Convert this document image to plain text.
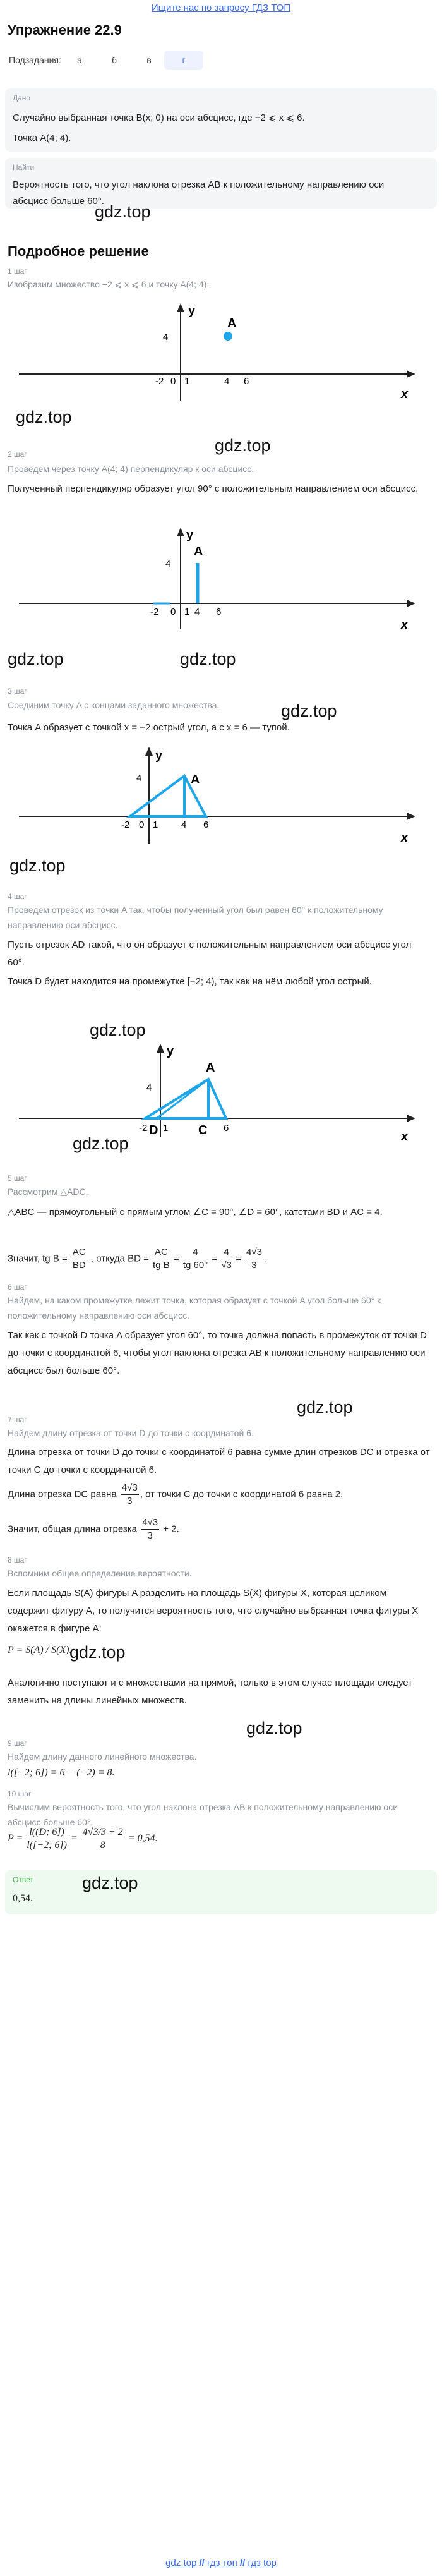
Ищите нас по запросу ГДЗ ТОП
Упражнение 22.9
Подзадания:	а	б	в	г
Дано
Случайно выбранная точка B(x; 0) на оси абсцисс, где −2 ⩽ x ⩽ 6.
Точка A(4; 4).
Найти
Вероятность того, что угол наклона отрезка AB к положительному направлению оси абсцисс больше 60°.
gdz.top
Подробное решение
1 шаг
Изобразим множество −2 ⩽ x ⩽ 6 и точку A(4; 4).
A
y
x
4
-2 0 1	4 6
gdz.top
gdz.top
2 шаг
Проведем через точку A(4; 4) перпендикуляр к оси абсцисс.
Полученный перпендикуляр образует угол 90° с положительным направлением оси абсцисс.
A
y
x
4
-2 0 1 4 6
gdz.top
gdz.top
3 шаг
Соединим точку A с концами заданного множества.	gdz.top
Точка A образует с точкой x = −2 острый угол, а с x = 6 — тупой.
A
y
x
4
-2 0 1 4 6
gdz.top
4 шаг
Проведем отрезок из точки A так, чтобы полученный угол был равен 60° к положительному направлению оси абсцисс.
Пусть отрезок AD такой, что он образует с положительным направлением оси абсцисс угол 60°.
Точка D будет находится на промежутке [−2; 4), так как на нём любой угол острый.
gdz.top
A
y
x
4
-2 D 1 C 6
gdz.top
5 шаг
Рассмотрим △ADC.
△ABC — прямоугольный с прямым углом ∠C = 90°, ∠D = 60°, катетами BD и AC = 4.
Значит, tg $B = \frac{AC}{BD}$ , откуда BD = $\frac{AC}{\text{tg B}} = \frac{4}{tg 60^\circ} = \frac{4}{√3} = \frac{4√3}{3}$ .
6 шаг
Найдем, на каком промежутке лежит точка, которая образует с точкой A угол больше 60° к положительному направлению оси абсцисс.
Так как с точкой D точка A образует угол 60°, то точка должна попасть в промежуток от точки D до точки с координатой 6, чтобы угол наклона отрезка AB к положительному направлению оси абсцисс был больше 60°.
gdz.top
7 шаг
Найдем длину отрезка от точки D до точки с координатой 6.
Длина отрезка от точки D до точки с координатой 6 равна сумме длин отрезков DC и отрезка от точки C до точки с координатой 6.
Длина отрезка DC равна $\frac{4√3}{3}$ , от точки C до точки с координатой 6 равна 2.
Значит, общая длина отрезка $\frac{4√3}{3} + 2$.
8 шаг
Вспомним общее определение вероятности.
Если площадь S(A) фигуры A разделить на площадь S(X) фигуры X, которая целиком содержит фигуру A, то получится вероятность того, что случайно выбранная точка фигуры X окажется в фигуре A:
P = S(A) / S(X).
gdz.top
Аналогично поступают и с множествами на прямой, только в этом случае площади следует заменить на длины линейных множеств.
gdz.top
9 шаг
Найдем длину данного линейного множества.
l([−2; 6]) = 6 − (−2) = 8.
10 шаг
Вычислим вероятность того, что угол наклона отрезка AB к положительному направлению оси абсцисс больше 60°.
$P = \frac{l((D; 6])}{l([-2; 6])} = \frac{4√3/3 + 2}{8} = 0,54$.
Ответ
0,54.
gdz.top
gdz top // гдз топ // гдз top
